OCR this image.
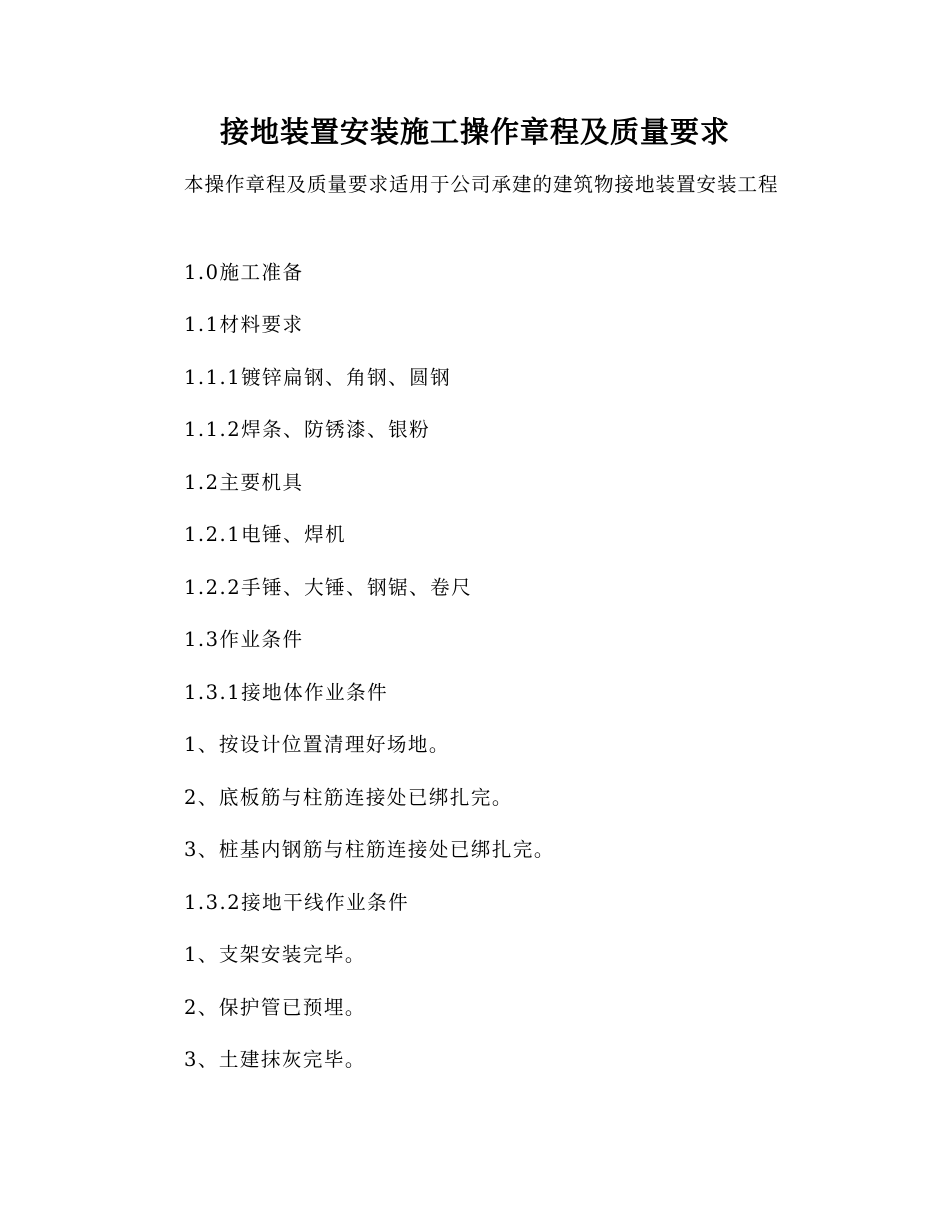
接地装置安装施工操作章程及质量要求
本操作章程及质量要求适用于公司承建的建筑物接地装置安装工程
1.0施工准备
1.1材料要求
1.1.1镀锌扁钢、角钢、圆钢
1.1.2焊条、防锈漆、银粉
1.2主要机具
1.2.1电锤、焊机
1.2.2手锤、大锤、钢锯、卷尺
1.3作业条件
1.3.1接地体作业条件
1、按设计位置清理好场地。
2、底板筋与柱筋连接处已绑扎完。
3、桩基内钢筋与柱筋连接处已绑扎完。
1.3.2接地干线作业条件
1、支架安装完毕。
2、保护管已预埋。
3、土建抹灰完毕。
